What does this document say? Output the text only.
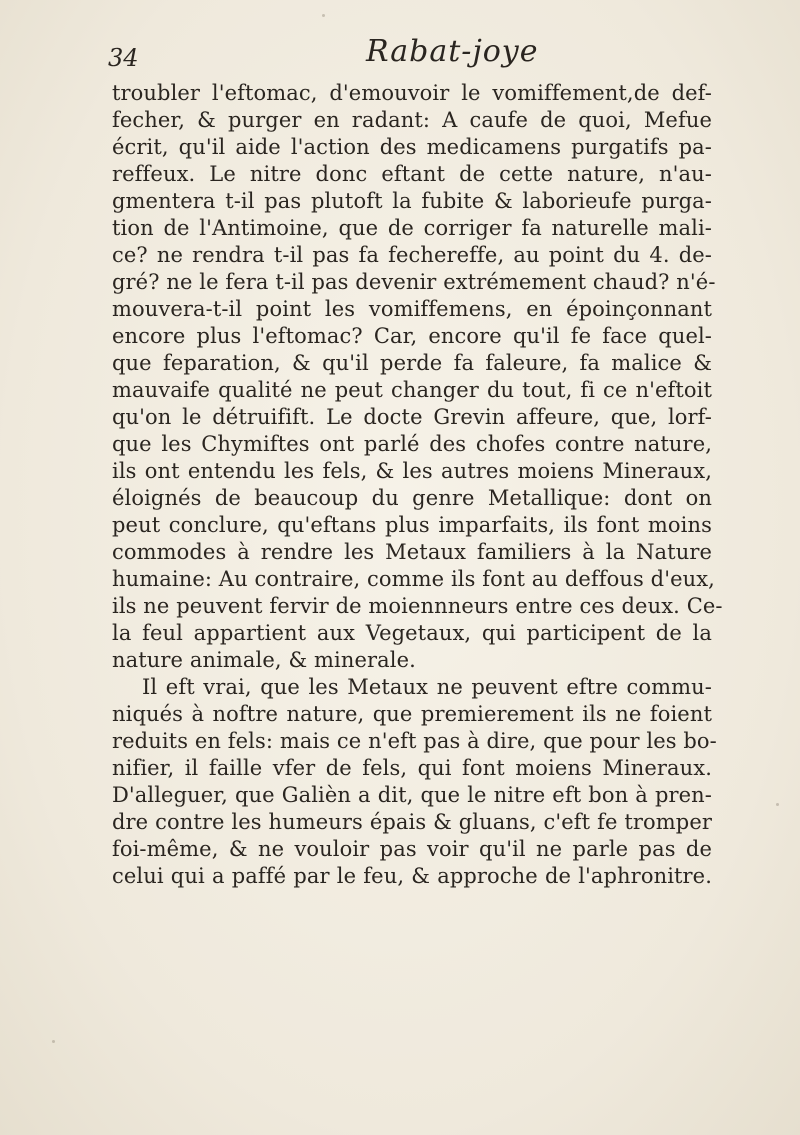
34	Rabat-joye
troubler l'eftomac, d'emouvoir le vomiffement,de def-
fecher, & purger en radant: A caufe de quoi, Mefue
écrit, qu'il aide l'action des medicamens purgatifs pa-
reffeux. Le nitre donc eftant de cette nature, n'au-
gmentera t-il pas plutoft la fubite & laborieufe purga-
tion de l'Antimoine, que de corriger fa naturelle mali-
ce? ne rendra t-il pas fa fechereffe, au point du 4. de-
gré? ne le fera t-il pas devenir extrémement chaud? n'é-
mouvera-t-il point les vomiffemens, en époinçonnant
encore plus l'eftomac? Car, encore qu'il fe face quel-
que feparation, & qu'il perde fa faleure, fa malice &
mauvaife qualité ne peut changer du tout, fi ce n'eftoit
qu'on le détruifift. Le docte Grevin affeure, que, lorf-
que les Chymiftes ont parlé des chofes contre nature,
ils ont entendu les fels, & les autres moiens Mineraux,
éloignés de beaucoup du genre Metallique: dont on
peut conclure, qu'eftans plus imparfaits, ils font moins
commodes à rendre les Metaux familiers à la Nature
humaine: Au contraire, comme ils font au deffous d'eux,
ils ne peuvent fervir de moiennneurs entre ces deux. Ce-
la feul appartient aux Vegetaux, qui participent de la
nature animale, & minerale.
Il eft vrai, que les Metaux ne peuvent eftre commu-
niqués à noftre nature, que premierement ils ne foient
reduits en fels: mais ce n'eft pas à dire, que pour les bo-
nifier, il faille vfer de fels, qui font moiens Mineraux.
D'alleguer, que Galièn a dit, que le nitre eft bon à pren-
dre contre les humeurs épais & gluans, c'eft fe tromper
foi-même, & ne vouloir pas voir qu'il ne parle pas de
celui qui a paffé par le feu, & approche de l'aphronitre.
